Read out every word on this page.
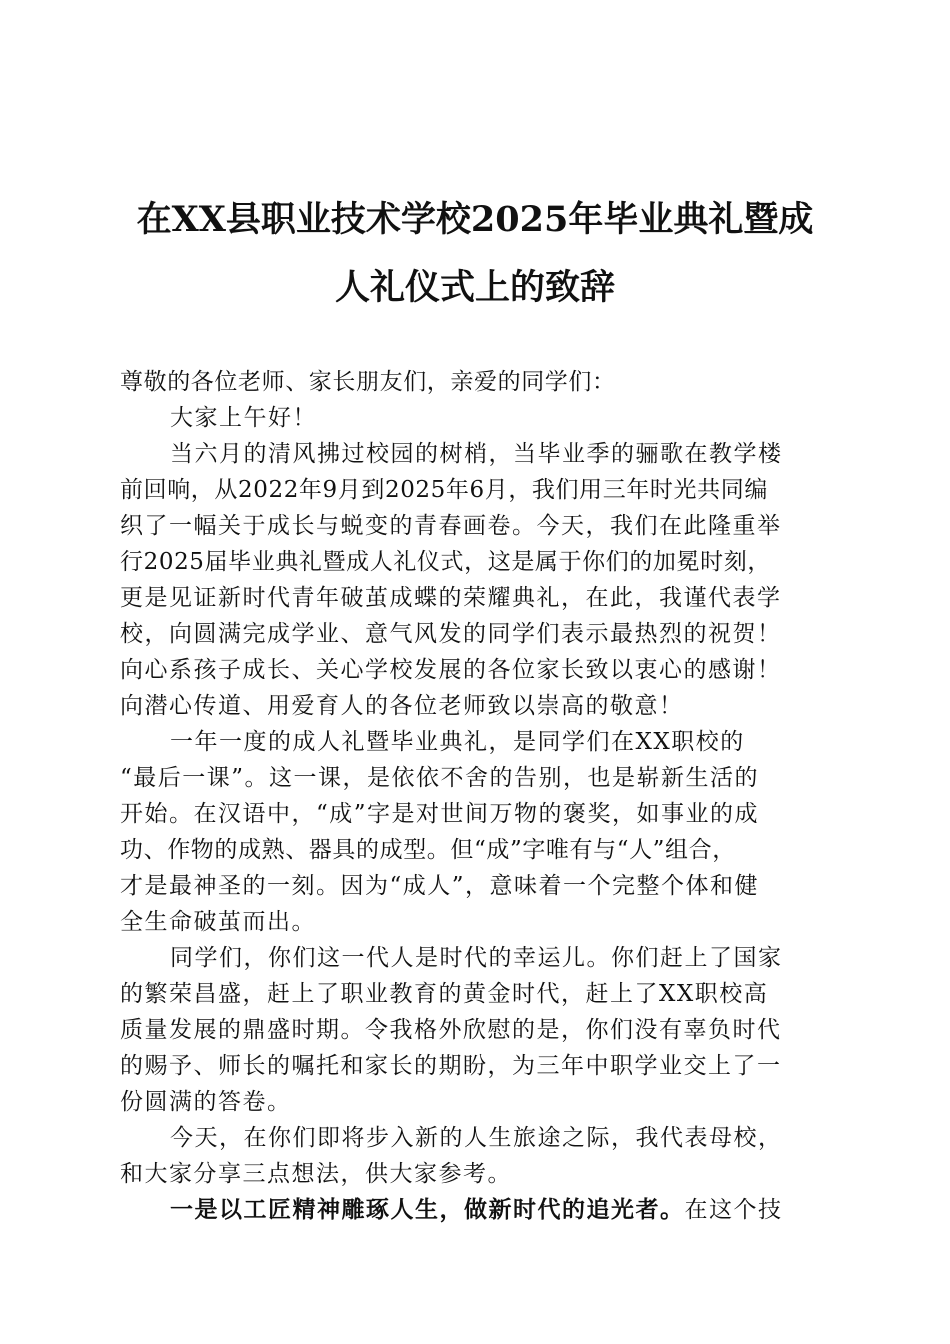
在XX县职业技术学校2025年毕业典礼暨成
人礼仪式上的致辞
尊敬的各位老师、家长朋友们，亲爱的同学们：
大家上午好！
当六月的清风拂过校园的树梢，当毕业季的骊歌在教学楼
前回响，从2022年9月到2025年6月，我们用三年时光共同编
织了一幅关于成长与蜕变的青春画卷。今天，我们在此隆重举
行2025届毕业典礼暨成人礼仪式，这是属于你们的加冕时刻，
更是见证新时代青年破茧成蝶的荣耀典礼，在此，我谨代表学
校，向圆满完成学业、意气风发的同学们表示最热烈的祝贺！
向心系孩子成长、关心学校发展的各位家长致以衷心的感谢！
向潜心传道、用爱育人的各位老师致以崇高的敬意！
一年一度的成人礼暨毕业典礼，是同学们在XX职校的
“最后一课”。这一课，是依依不舍的告别，也是崭新生活的
开始。在汉语中，“成”字是对世间万物的褒奖，如事业的成
功、作物的成熟、器具的成型。但“成”字唯有与“人”组合，
才是最神圣的一刻。因为“成人”，意味着一个完整个体和健
全生命破茧而出。
同学们，你们这一代人是时代的幸运儿。你们赶上了国家
的繁荣昌盛，赶上了职业教育的黄金时代，赶上了XX职校高
质量发展的鼎盛时期。令我格外欣慰的是，你们没有辜负时代
的赐予、师长的嘱托和家长的期盼，为三年中职学业交上了一
份圆满的答卷。
今天，在你们即将步入新的人生旅途之际，我代表母校，
和大家分享三点想法，供大家参考。
一是以工匠精神雕琢人生，做新时代的追光者。在这个技
